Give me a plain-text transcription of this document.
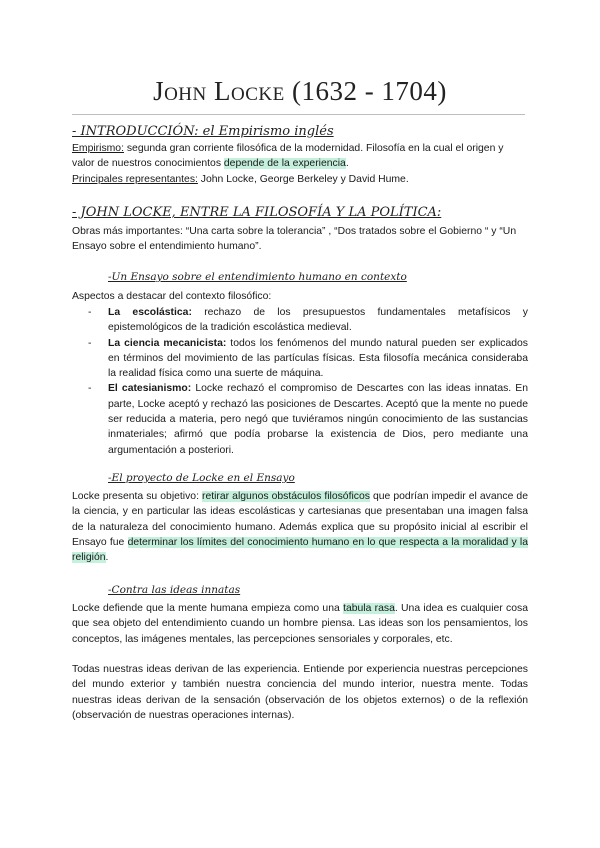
John Locke (1632 - 1704)
- INTRODUCCIÓN: el Empirismo inglés
Empirismo: segunda gran corriente filosófica de la modernidad. Filosofía en la cual el origen y valor de nuestros conocimientos depende de la experiencia.
Principales representantes: John Locke, George Berkeley y David Hume.
- JOHN LOCKE, ENTRE LA FILOSOFÍA Y LA POLÍTICA:
Obras más importantes: “Una carta sobre la tolerancia” , “Dos tratados sobre el Gobierno “ y “Un Ensayo sobre el entendimiento humano”.
-Un Ensayo sobre el entendimiento humano en contexto
Aspectos a destacar del contexto filosófico:
- La escolástica: rechazo de los presupuestos fundamentales metafísicos y epistemológicos de la tradición escolástica medieval.
- La ciencia mecanicista: todos los fenómenos del mundo natural pueden ser explicados en términos del movimiento de las partículas físicas. Esta filosofía mecánica consideraba la realidad física como una suerte de máquina.
- El catesianismo: Locke rechazó el compromiso de Descartes con las ideas innatas. En parte, Locke aceptó y rechazó las posiciones de Descartes. Aceptó que la mente no puede ser reducida a materia, pero negó que tuviéramos ningún conocimiento de las sustancias inmateriales; afirmó que podía probarse la existencia de Dios, pero mediante una argumentación a posteriori.
-El proyecto de Locke en el Ensayo
Locke presenta su objetivo: retirar algunos obstáculos filosóficos que podrían impedir el avance de la ciencia, y en particular las ideas escolásticas y cartesianas que presentaban una imagen falsa de la naturaleza del conocimiento humano. Además explica que su propósito inicial al escribir el Ensayo fue determinar los límites del conocimiento humano en lo que respecta a la moralidad y la religión.
-Contra las ideas innatas
Locke defiende que la mente humana empieza como una tabula rasa. Una idea es cualquier cosa que sea objeto del entendimiento cuando un hombre piensa. Las ideas son los pensamientos, los conceptos, las imágenes mentales, las percepciones sensoriales y corporales, etc.
Todas nuestras ideas derivan de las experiencia. Entiende por experiencia nuestras percepciones del mundo exterior y también nuestra conciencia del mundo interior, nuestra mente. Todas nuestras ideas derivan de la sensación (observación de los objetos externos) o de la reflexión (observación de nuestras operaciones internas).
